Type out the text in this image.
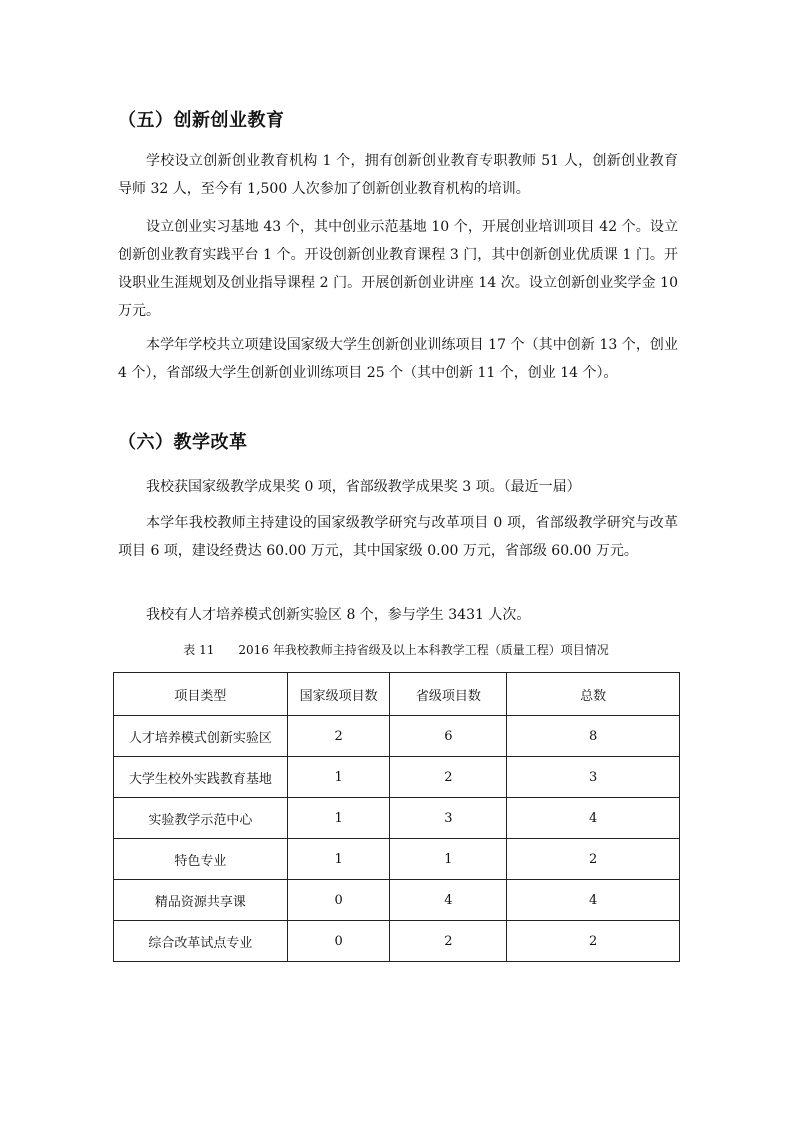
（五）创新创业教育
学校设立创新创业教育机构 1 个，拥有创新创业教育专职教师 51 人，创新创业教育导师 32 人，至今有 1,500 人次参加了创新创业教育机构的培训。
设立创业实习基地 43 个，其中创业示范基地 10 个，开展创业培训项目 42 个。设立创新创业教育实践平台 1 个。开设创新创业教育课程 3 门，其中创新创业优质课 1 门。开设职业生涯规划及创业指导课程 2 门。开展创新创业讲座 14 次。设立创新创业奖学金 10 万元。
本学年学校共立项建设国家级大学生创新创业训练项目 17 个（其中创新 13 个，创业 4 个），省部级大学生创新创业训练项目 25 个（其中创新 11 个，创业 14 个）。
（六）教学改革
我校获国家级教学成果奖 0 项，省部级教学成果奖 3 项。（最近一届）
本学年我校教师主持建设的国家级教学研究与改革项目 0 项，省部级教学研究与改革项目 6 项，建设经费达 60.00 万元，其中国家级 0.00 万元，省部级 60.00 万元。
我校有人才培养模式创新实验区 8 个，参与学生 3431 人次。
表 11　　2016 年我校教师主持省级及以上本科教学工程（质量工程）项目情况
项目类型	国家级项目数	省级项目数	总数
人才培养模式创新实验区	2	6	8
大学生校外实践教育基地	1	2	3
实验教学示范中心	1	3	4
特色专业	1	1	2
精品资源共享课	0	4	4
综合改革试点专业	0	2	2
